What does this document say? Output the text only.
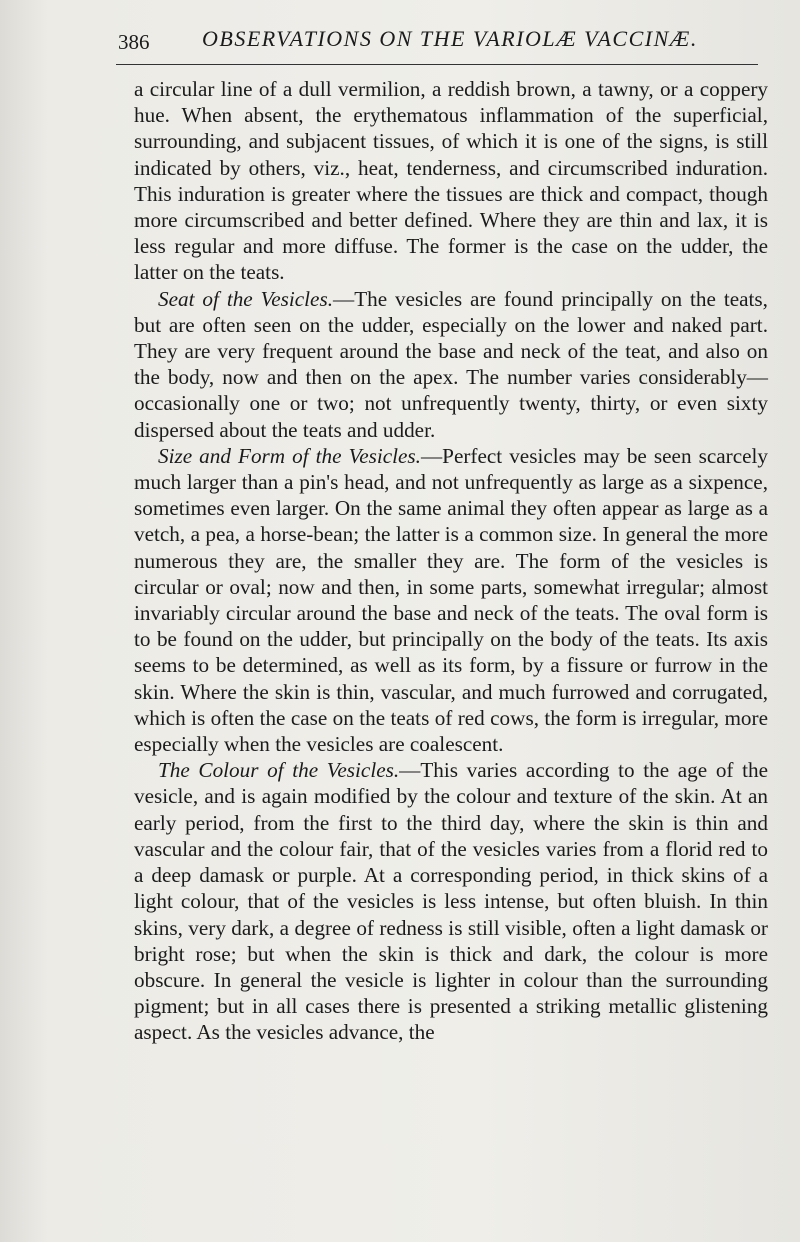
386 OBSERVATIONS ON THE VARIOLÆ VACCINÆ.

a circular line of a dull vermilion, a reddish brown, a tawny, or a coppery hue. When absent, the erythematous inflammation of the superficial, surrounding, and subjacent tissues, of which it is one of the signs, is still indicated by others, viz., heat, tenderness, and circumscribed induration. This induration is greater where the tissues are thick and compact, though more circumscribed and better defined. Where they are thin and lax, it is less regular and more diffuse. The former is the case on the udder, the latter on the teats.

Seat of the Vesicles.—The vesicles are found principally on the teats, but are often seen on the udder, especially on the lower and naked part. They are very frequent around the base and neck of the teat, and also on the body, now and then on the apex. The number varies considerably—occasionally one or two; not unfrequently twenty, thirty, or even sixty dispersed about the teats and udder.

Size and Form of the Vesicles.—Perfect vesicles may be seen scarcely much larger than a pin's head, and not unfrequently as large as a sixpence, sometimes even larger. On the same animal they often appear as large as a vetch, a pea, a horse-bean; the latter is a common size. In general the more numerous they are, the smaller they are. The form of the vesicles is circular or oval; now and then, in some parts, somewhat irregular; almost invariably circular around the base and neck of the teats. The oval form is to be found on the udder, but principally on the body of the teats. Its axis seems to be determined, as well as its form, by a fissure or furrow in the skin. Where the skin is thin, vascular, and much furrowed and corrugated, which is often the case on the teats of red cows, the form is irregular, more especially when the vesicles are coalescent.

The Colour of the Vesicles.—This varies according to the age of the vesicle, and is again modified by the colour and texture of the skin. At an early period, from the first to the third day, where the skin is thin and vascular and the colour fair, that of the vesicles varies from a florid red to a deep damask or purple. At a corresponding period, in thick skins of a light colour, that of the vesicles is less intense, but often bluish. In thin skins, very dark, a degree of redness is still visible, often a light damask or bright rose; but when the skin is thick and dark, the colour is more obscure. In general the vesicle is lighter in colour than the surrounding pigment; but in all cases there is presented a striking metallic glistening aspect. As the vesicles advance, the
